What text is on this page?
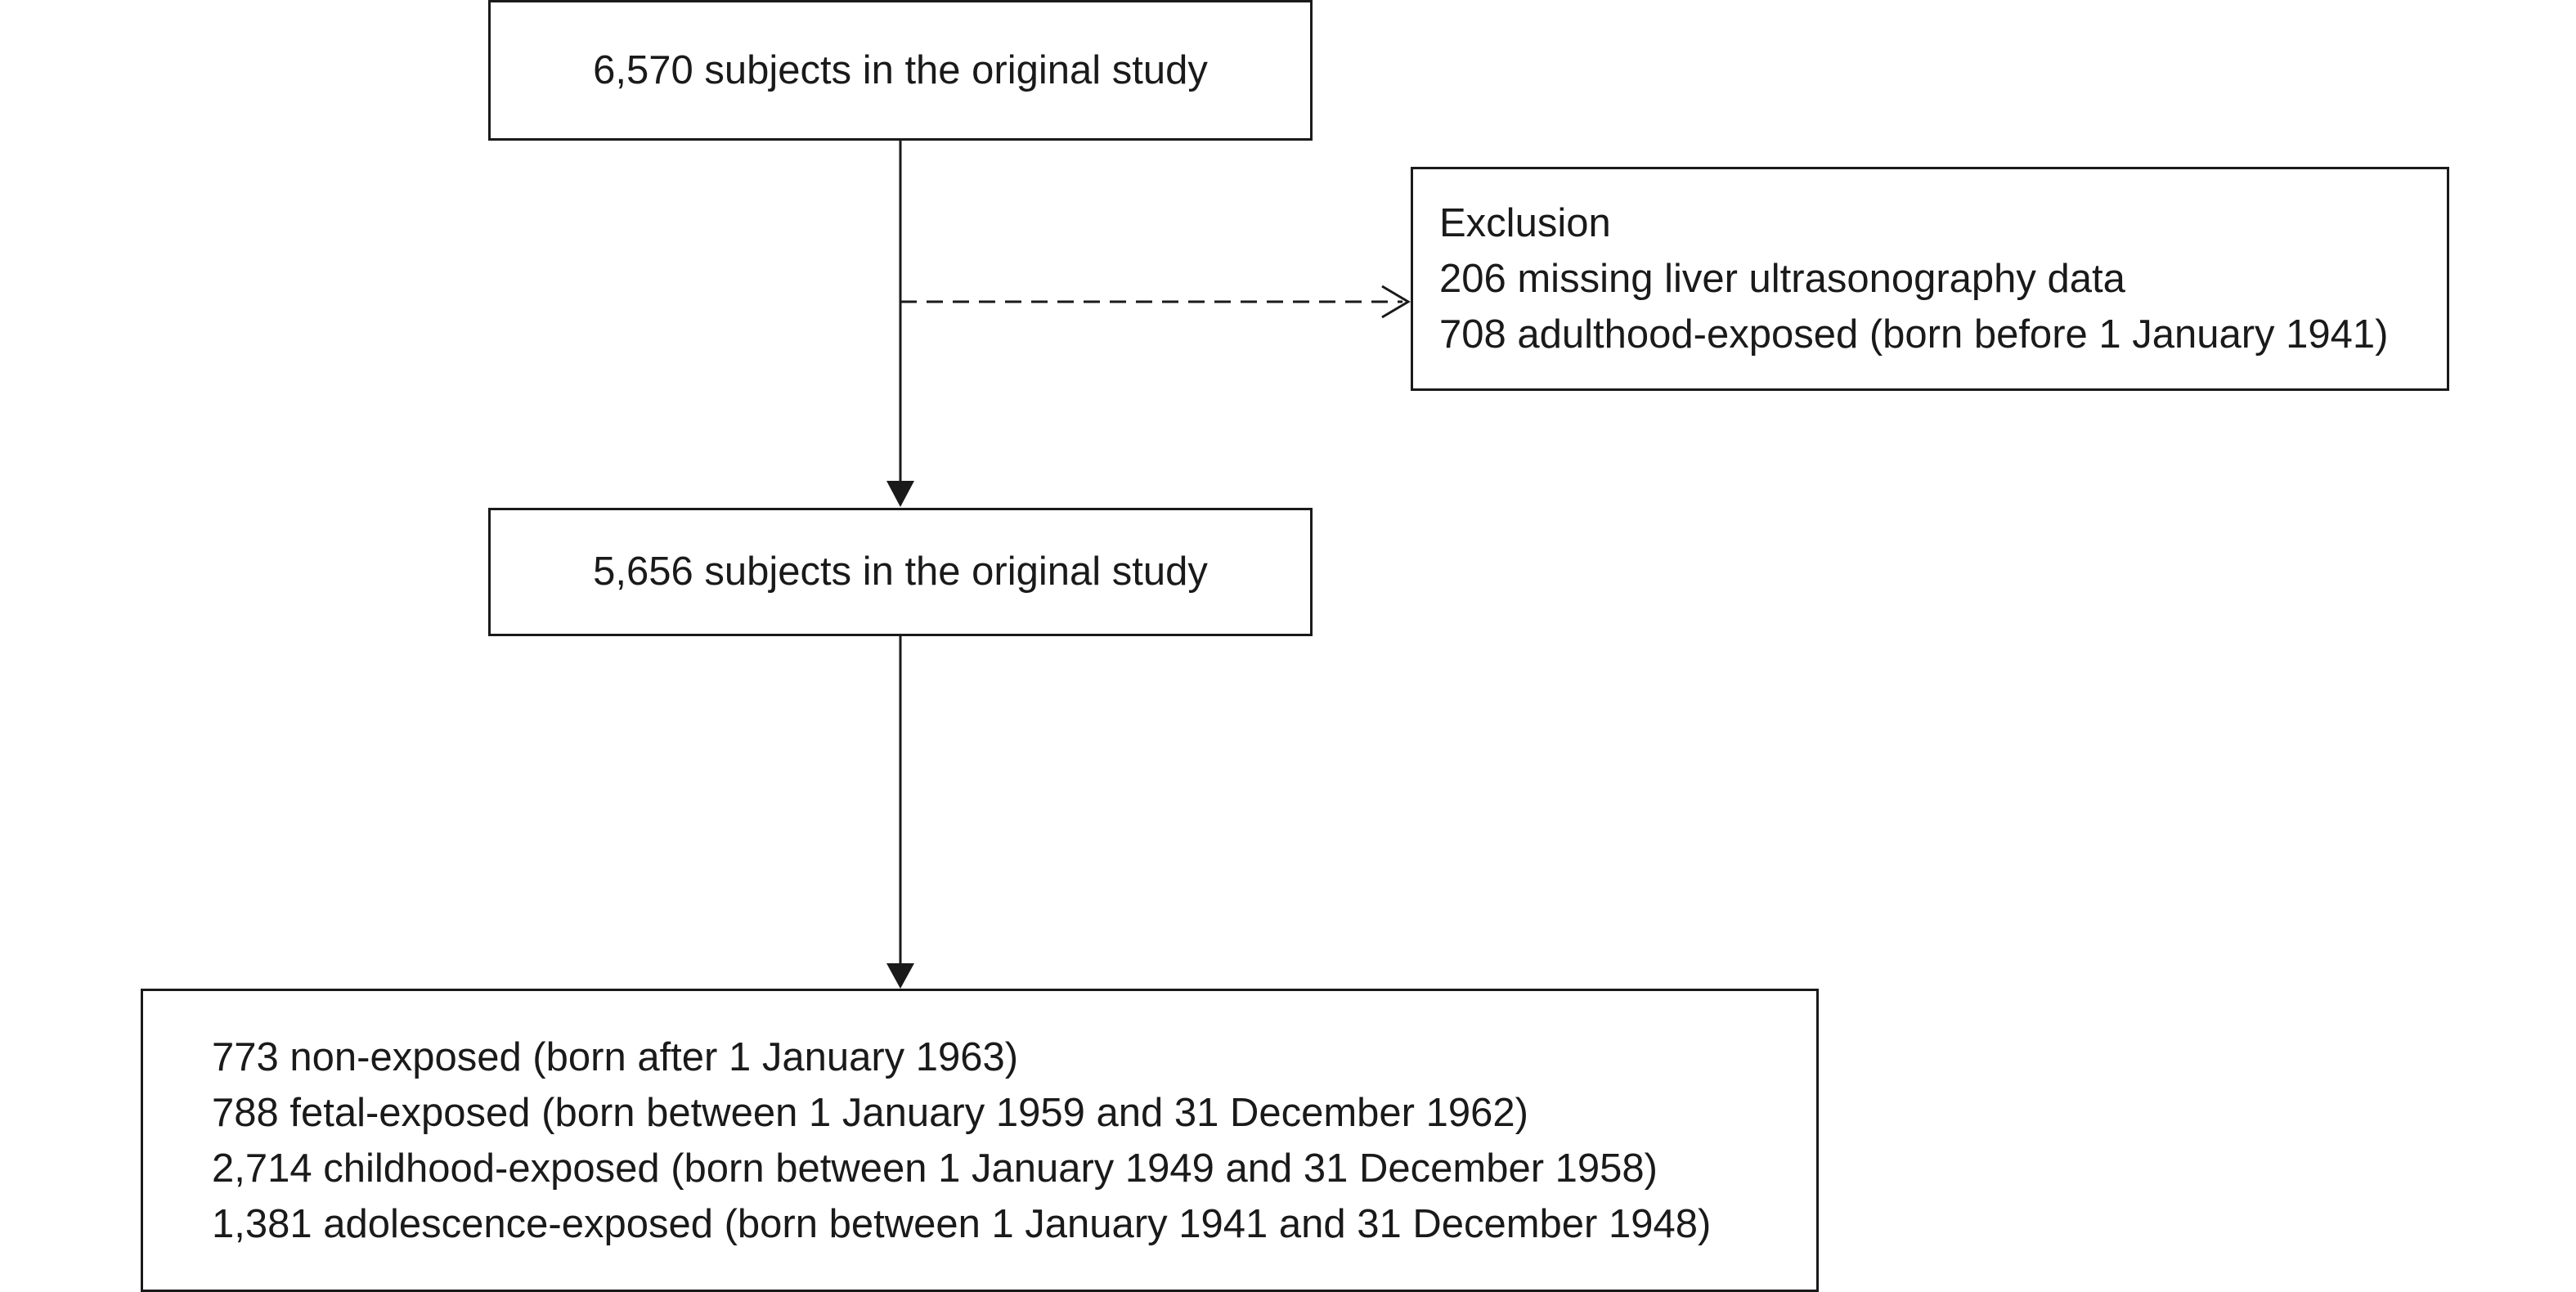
6,570 subjects in the original study
Exclusion
206 missing liver ultrasonography data
708 adulthood-exposed (born before 1 January 1941)
5,656 subjects in the original study
773 non-exposed (born after 1 January 1963)
788 fetal-exposed (born between 1 January 1959 and 31 December 1962)
2,714 childhood-exposed (born between 1 January 1949 and 31 December 1958)
1,381 adolescence-exposed (born between 1 January 1941 and 31 December 1948)
